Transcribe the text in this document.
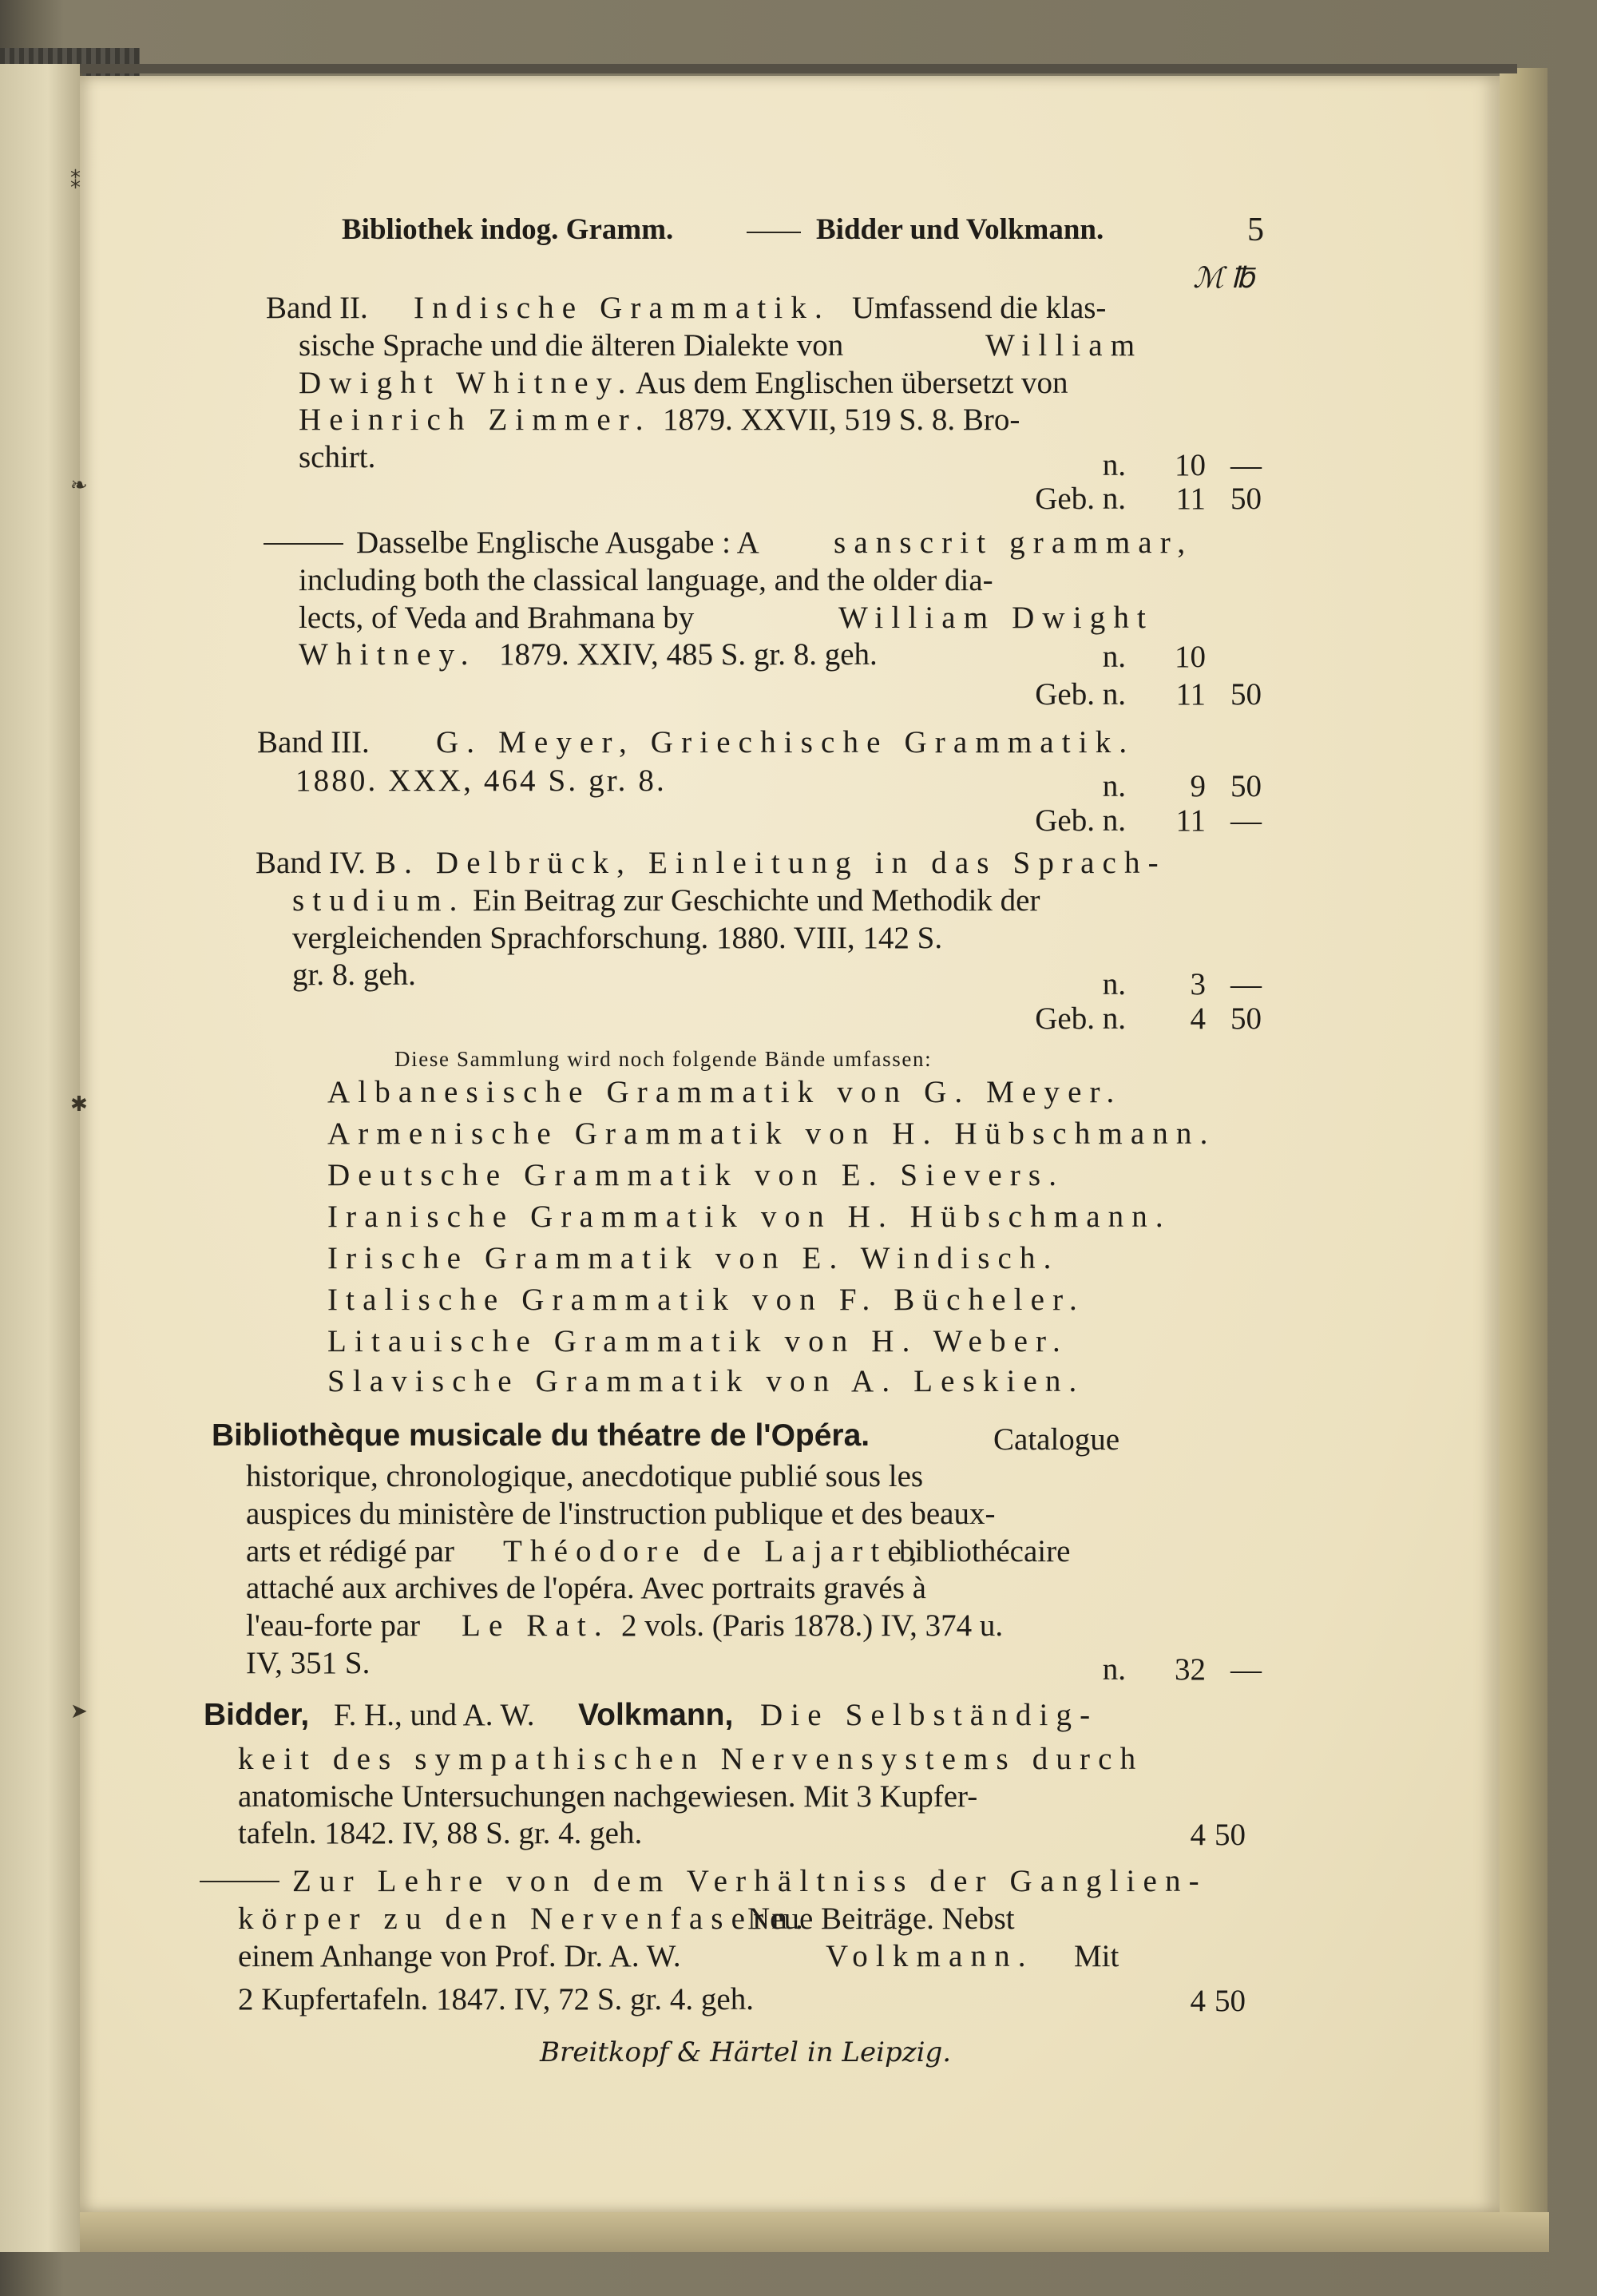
⁑
❧
✱
➤
Bibliothek indog. Gramm.	Bidder und Volkmann.	5
ℳ ℔
Band II. Indische Grammatik. Umfassend die klas-
sische Sprache und die älteren Dialekte von	William
Dwight Whitney. Aus dem Englischen übersetzt von
Heinrich Zimmer. 1879. XXVII, 519 S. 8. Bro-
schirt.	n.	10 —
Geb. n.	11 50
Dasselbe Englische Ausgabe : A sanscrit grammar,
including both the classical language, and the older dia-
lects, of Veda and Brahmana by	William Dwight
Whitney. 1879. XXIV, 485 S. gr. 8. geh.	n.	10
Geb. n.	11 50
Band III. G. Meyer, Griechische Grammatik.
1880. XXX, 464 S. gr. 8.	n.	9 50
Geb. n.	11 —
Band IV. B. Delbrück, Einleitung in das Sprach-
studium. Ein Beitrag zur Geschichte und Methodik der
vergleichenden Sprachforschung. 1880. VIII, 142 S.
gr. 8. geh.	n.	3 —
Geb. n.	4 50
Diese Sammlung wird noch folgende Bände umfassen:
Albanesische Grammatik von G. Meyer.
Armenische Grammatik von H. Hübschmann.
Deutsche Grammatik von E. Sievers.
Iranische Grammatik von H. Hübschmann.
Irische Grammatik von E. Windisch.
Italische Grammatik von F. Bücheler.
Litauische Grammatik von H. Weber.
Slavische Grammatik von A. Leskien.
Bibliothèque musicale du théatre de l'Opéra.	Catalogue
historique, chronologique, anecdotique publié sous les
auspices du ministère de l'instruction publique et des beaux-
arts et rédigé par Théodore de Lajarte,
bibliothécaire
attaché aux archives de l'opéra. Avec portraits gravés à
l'eau-forte par Le Rat. 2 vols. (Paris 1878.) IV, 374 u.
IV, 351 S.	n.	32 —
Bidder, F. H., und A. W. Volkmann, Die Selbständig-
keit des sympathischen Nervensystems durch
anatomische Untersuchungen nachgewiesen. Mit 3 Kupfer-
tafeln. 1842. IV, 88 S. gr. 4. geh.	4 50
Zur Lehre von dem Verhältniss der Ganglien-
körper zu den Nervenfasern.
Neue Beiträge. Nebst
einem Anhange von Prof. Dr. A. W.	Volkmann. Mit
2 Kupfertafeln. 1847. IV, 72 S. gr. 4. geh.	4 50
Breitkopf & Härtel in Leipzig.
